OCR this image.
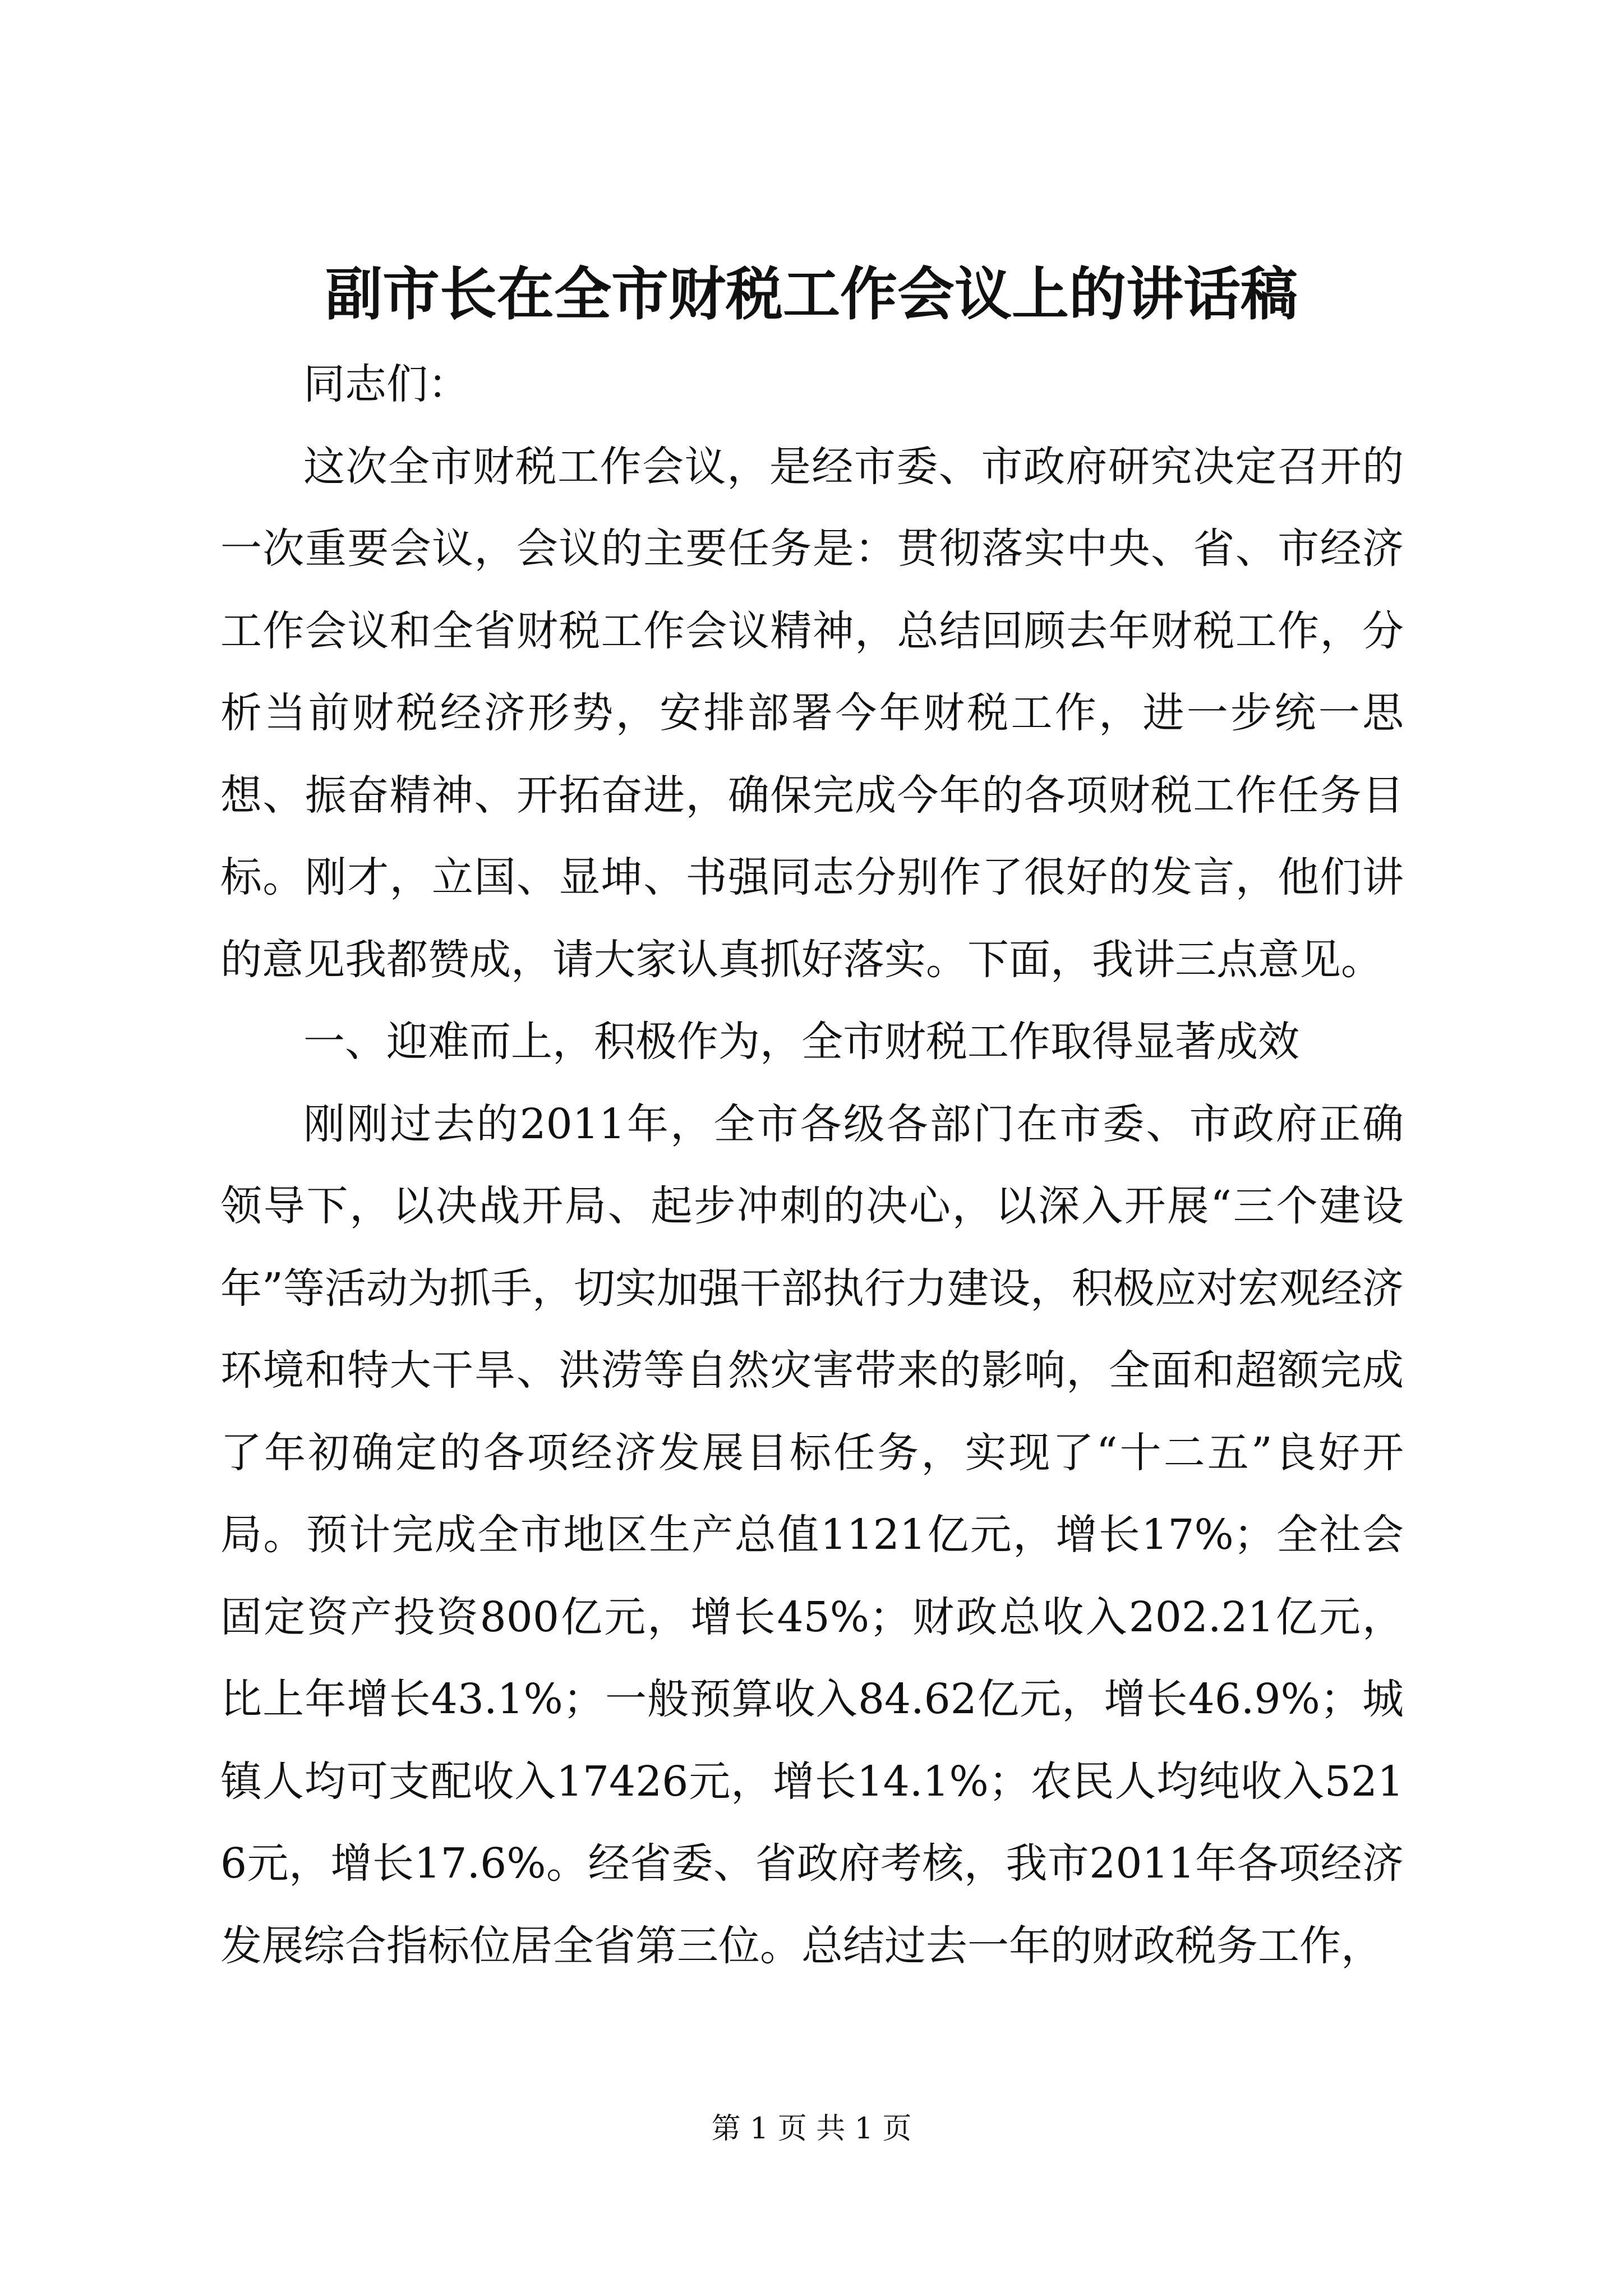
副市长在全市财税工作会议上的讲话稿

同志们：

这次全市财税工作会议，是经市委、市政府研究决定召开的一次重要会议，会议的主要任务是：贯彻落实中央、省、市经济工作会议和全省财税工作会议精神，总结回顾去年财税工作，分析当前财税经济形势，安排部署今年财税工作，进一步统一思想、振奋精神、开拓奋进，确保完成今年的各项财税工作任务目标。刚才，立国、显坤、书强同志分别作了很好的发言，他们讲的意见我都赞成，请大家认真抓好落实。下面，我讲三点意见。

一、迎难而上，积极作为，全市财税工作取得显著成效

刚刚过去的2011年，全市各级各部门在市委、市政府正确领导下，以决战开局、起步冲刺的决心，以深入开展“三个建设年”等活动为抓手，切实加强干部执行力建设，积极应对宏观经济环境和特大干旱、洪涝等自然灾害带来的影响，全面和超额完成了年初确定的各项经济发展目标任务，实现了“十二五”良好开局。预计完成全市地区生产总值1121亿元，增长17%；全社会固定资产投资800亿元，增长45%；财政总收入202.21亿元，比上年增长43.1%；一般预算收入84.62亿元，增长46.9%；城镇人均可支配收入17426元，增长14.1%；农民人均纯收入5216元，增长17.6%。经省委、省政府考核，我市2011年各项经济发展综合指标位居全省第三位。总结过去一年的财政税务工作，

第 1 页 共 1 页
